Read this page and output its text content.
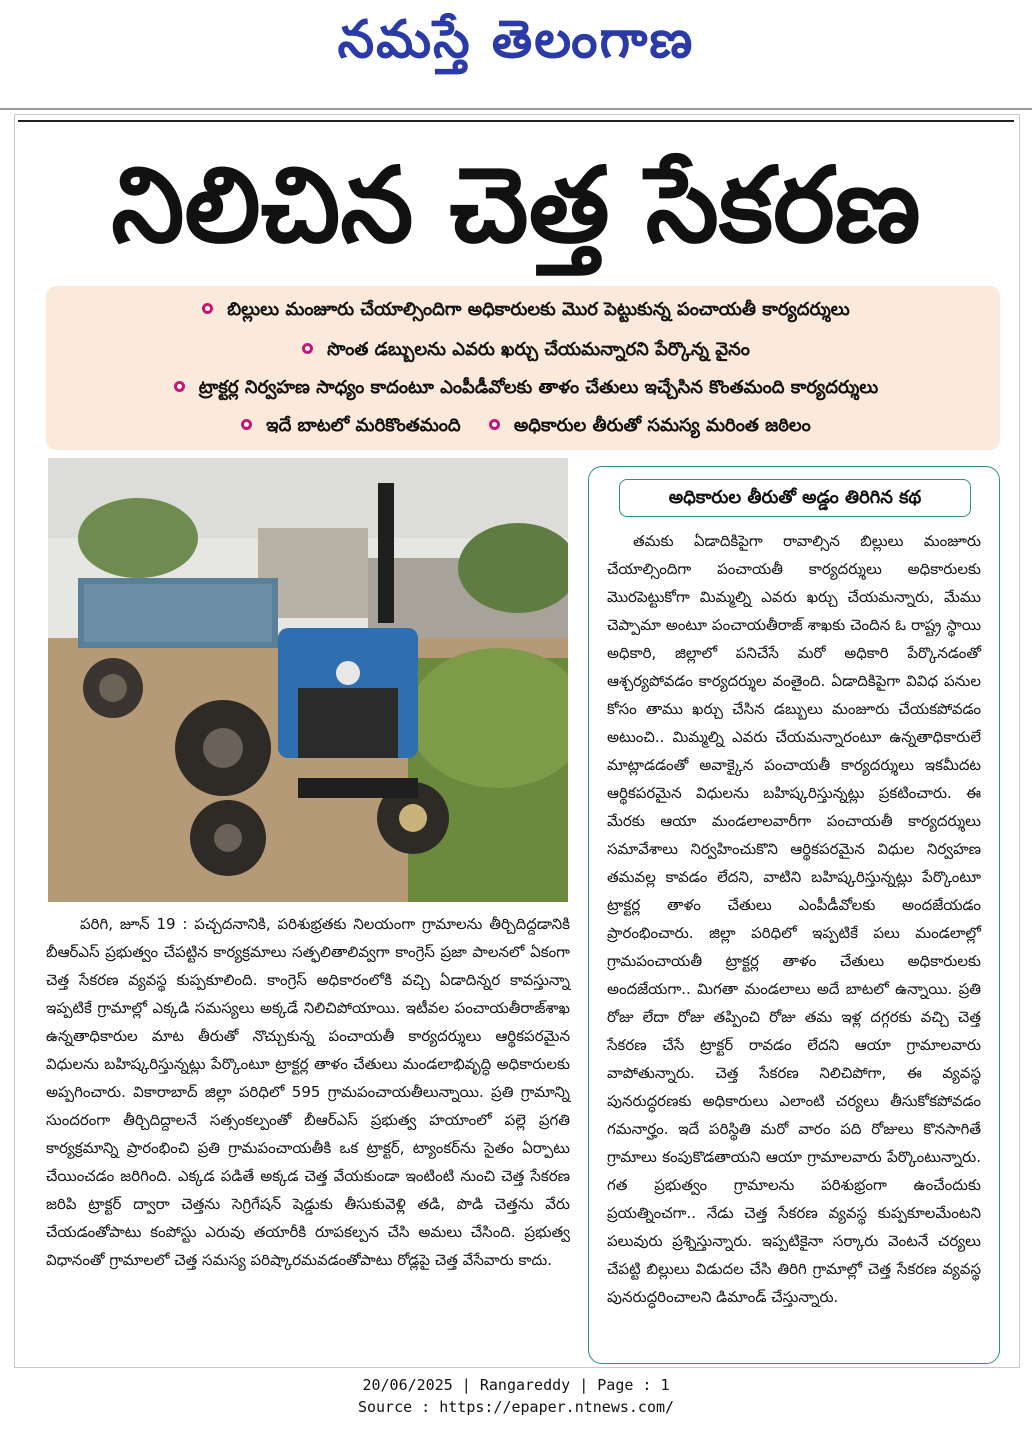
నమస్తే తెలంగాణ
నిలిచిన చెత్త సేకరణ
బిల్లులు మంజూరు చేయాల్సిందిగా అధికారులకు మొర పెట్టుకున్న పంచాయతీ కార్యదర్శులు
సొంత డబ్బులను ఎవరు ఖర్చు చేయమన్నారని పేర్కొన్న వైనం
ట్రాక్టర్ల నిర్వహణ సాధ్యం కాదంటూ ఎంపీడీవోలకు తాళం చేతులు ఇచ్చేసిన కొంతమంది కార్యదర్శులు
ఇదే బాటలో మరికొంతమంది	అధికారుల తీరుతో సమస్య మరింత జఠిలం
అధికారుల తీరుతో అడ్డం తిరిగిన కథ

తమకు ఏడాదికిపైగా రావాల్సిన బిల్లులు మంజూరు చేయాల్సిందిగా పంచాయతీ కార్యదర్శులు అధికారులకు మొరపెట్టుకోగా మిమ్మల్ని ఎవరు ఖర్చు చేయమన్నారు, మేము చెప్పామా అంటూ పంచాయతీరాజ్ శాఖకు చెందిన ఓ రాష్ట్ర స్థాయి అధికారి, జిల్లాలో పనిచేసే మరో అధికారి పేర్కొనడంతో ఆశ్చర్యపోవడం కార్యదర్శుల వంతైంది. ఏడాదికిపైగా వివిధ పనుల కోసం తాము ఖర్చు చేసిన డబ్బులు మంజూరు చేయకపోవడం అటుంచి.. మిమ్మల్ని ఎవరు చేయమన్నారంటూ ఉన్నతాధికారులే మాట్లాడడంతో అవాక్కైన పంచాయతీ కార్యదర్శులు ఇకమీదట ఆర్థికపరమైన విధులను బహిష్కరిస్తున్నట్లు ప్రకటించారు. ఈ మేరకు ఆయా మండలాలవారీగా పంచాయతీ కార్యదర్శులు సమావేశాలు నిర్వహించుకొని ఆర్థికపరమైన విధుల నిర్వహణ తమవల్ల కావడం లేదని, వాటిని బహిష్కరిస్తున్నట్లు పేర్కొంటూ ట్రాక్టర్ల తాళం చేతులు ఎంపీడీవోలకు అందజేయడం ప్రారంభించారు. జిల్లా పరిధిలో ఇప్పటికే పలు మండలాల్లో గ్రామపంచాయతీ ట్రాక్టర్ల తాళం చేతులు అధికారులకు అందజేయగా.. మిగతా మండలాలు అదే బాటలో ఉన్నాయి. ప్రతి రోజు లేదా రోజు తప్పించి రోజు తమ ఇళ్ల దగ్గరకు వచ్చి చెత్త సేకరణ చేసే ట్రాక్టర్ రావడం లేదని ఆయా గ్రామాలవారు వాపోతున్నారు. చెత్త సేకరణ నిలిచిపోగా, ఈ వ్యవస్థ పునరుద్ధరణకు అధికారులు ఎలాంటి చర్యలు తీసుకోకపోవడం గమనార్హం. ఇదే పరిస్థితి మరో వారం పది రోజులు కొనసాగితే గ్రామాలు కంపుకొడతాయని ఆయా గ్రామాలవారు పేర్కొంటున్నారు. గత ప్రభుత్వం గ్రామాలను పరిశుభ్రంగా ఉంచేందుకు ప్రయత్నించగా.. నేడు చెత్త సేకరణ వ్యవస్థ కుప్పకూలమేంటని పలువురు ప్రశ్నిస్తున్నారు. ఇప్పటికైనా సర్కారు వెంటనే చర్యలు చేపట్టి బిల్లులు విడుదల చేసి తిరిగి గ్రామాల్లో చెత్త సేకరణ వ్యవస్థ పునరుద్ధరించాలని డిమాండ్ చేస్తున్నారు.

పరిగి, జూన్ 19 : పచ్చదనానికి, పరిశుభ్రతకు నిలయంగా గ్రామాలను తీర్చిదిద్దడానికి బీఆర్ఎస్ ప్రభుత్వం చేపట్టిన కార్యక్రమాలు సత్ఫలితాలివ్వగా కాంగ్రెస్ ప్రజా పాలనలో ఏకంగా చెత్త సేకరణ వ్యవస్థ కుప్పకూలింది. కాంగ్రెస్ అధికారంలోకి వచ్చి ఏడాదిన్నర కావస్తున్నా ఇప్పటికే గ్రామాల్లో ఎక్కడి సమస్యలు అక్కడే నిలిచిపోయాయి. ఇటీవల పంచాయతీరాజ్‌శాఖ ఉన్నతాధికారుల మాట తీరుతో నొచ్చుకున్న పంచాయతీ కార్యదర్శులు ఆర్థికపరమైన విధులను బహిష్కరిస్తున్నట్లు పేర్కొంటూ ట్రాక్టర్ల తాళం చేతులు మండలాభివృద్ధి అధికారులకు అప్పగించారు. వికారాబాద్ జిల్లా పరిధిలో 595 గ్రామపంచాయతీలున్నాయి. ప్రతి గ్రామాన్ని సుందరంగా తీర్చిదిద్దాలనే సత్సంకల్పంతో బీఆర్ఎస్ ప్రభుత్వ హయాంలో పల్లె ప్రగతి కార్యక్రమాన్ని ప్రారంభించి ప్రతి గ్రామపంచాయతీకి ఒక ట్రాక్టర్, ట్యాంకర్‌ను సైతం ఏర్పాటు చేయించడం జరిగింది. ఎక్కడ పడితే అక్కడ చెత్త వేయకుండా ఇంటింటి నుంచి చెత్త సేకరణ జరిపి ట్రాక్టర్ ద్వారా చెత్తను సెగ్రిగేషన్ షెడ్డుకు తీసుకువెళ్లి తడి, పొడి చెత్తను వేరు చేయడంతోపాటు కంపోస్టు ఎరువు తయారీకి రూపకల్పన చేసి అమలు చేసింది. ప్రభుత్వ విధానంతో గ్రామాలలో చెత్త సమస్య పరిష్కారమవడంతోపాటు రోడ్లపై చెత్త వేసేవారు కాదు.

20/06/2025 | Rangareddy | Page : 1
Source : https://epaper.ntnews.com/
